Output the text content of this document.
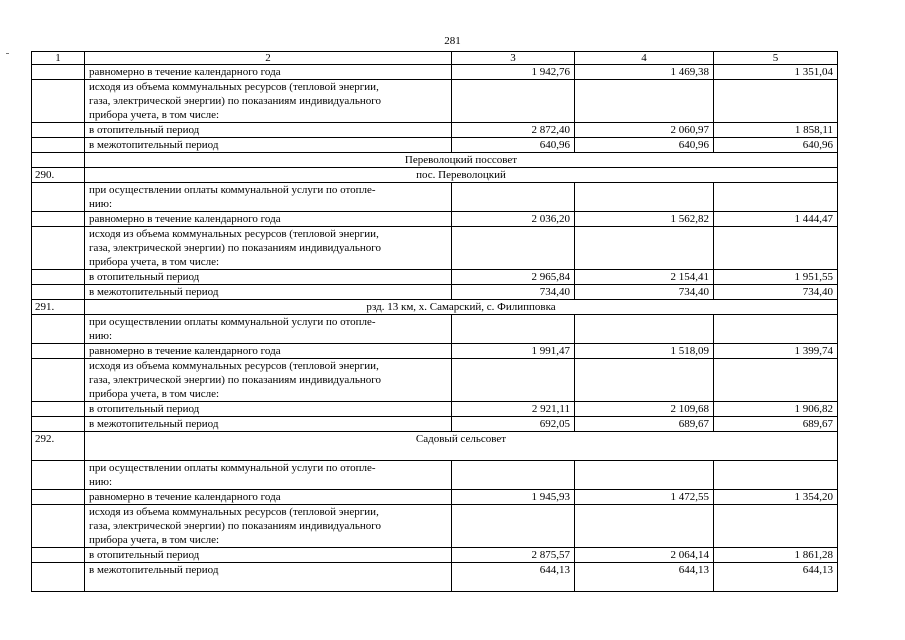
281
1	2	3	4	5
	равномерно в течение календарного года	1 942,76	1 469,38	1 351,04

	исходя из объема коммунальных ресурсов (тепловой энергии,
газа, электрической энергии) по показаниям индивидуального
прибора учета, в том числе:			

	в отопительный период	2 872,40	2 060,97	1 858,11
	в межотопительный период	640,96	640,96	640,96
	Переволоцкий поссовет			
290.	пос. Переволоцкий			

	при осуществлении оплаты коммунальной услуги по отопле-
нию:			

	равномерно в течение календарного года	2 036,20	1 562,82	1 444,47

	исходя из объема коммунальных ресурсов (тепловой энергии,
газа, электрической энергии) по показаниям индивидуального
прибора учета, в том числе:			

	в отопительный период	2 965,84	2 154,41	1 951,55
	в межотопительный период	734,40	734,40	734,40
291.	рзд. 13 км, х. Самарский, с. Филипповка			

	при осуществлении оплаты коммунальной услуги по отопле-
нию:			

	равномерно в течение календарного года	1 991,47	1 518,09	1 399,74

	исходя из объема коммунальных ресурсов (тепловой энергии,
газа, электрической энергии) по показаниям индивидуального
прибора учета, в том числе:			

	в отопительный период	2 921,11	2 109,68	1 906,82
	в межотопительный период	692,05	689,67	689,67
292.	Садовый сельсовет			

	при осуществлении оплаты коммунальной услуги по отопле-
нию:			

	равномерно в течение календарного года	1 945,93	1 472,55	1 354,20

	исходя из объема коммунальных ресурсов (тепловой энергии,
газа, электрической энергии) по показаниям индивидуального
прибора учета, в том числе:			

	в отопительный период	2 875,57	2 064,14	1 861,28
	в межотопительный период	644,13	644,13	644,13
